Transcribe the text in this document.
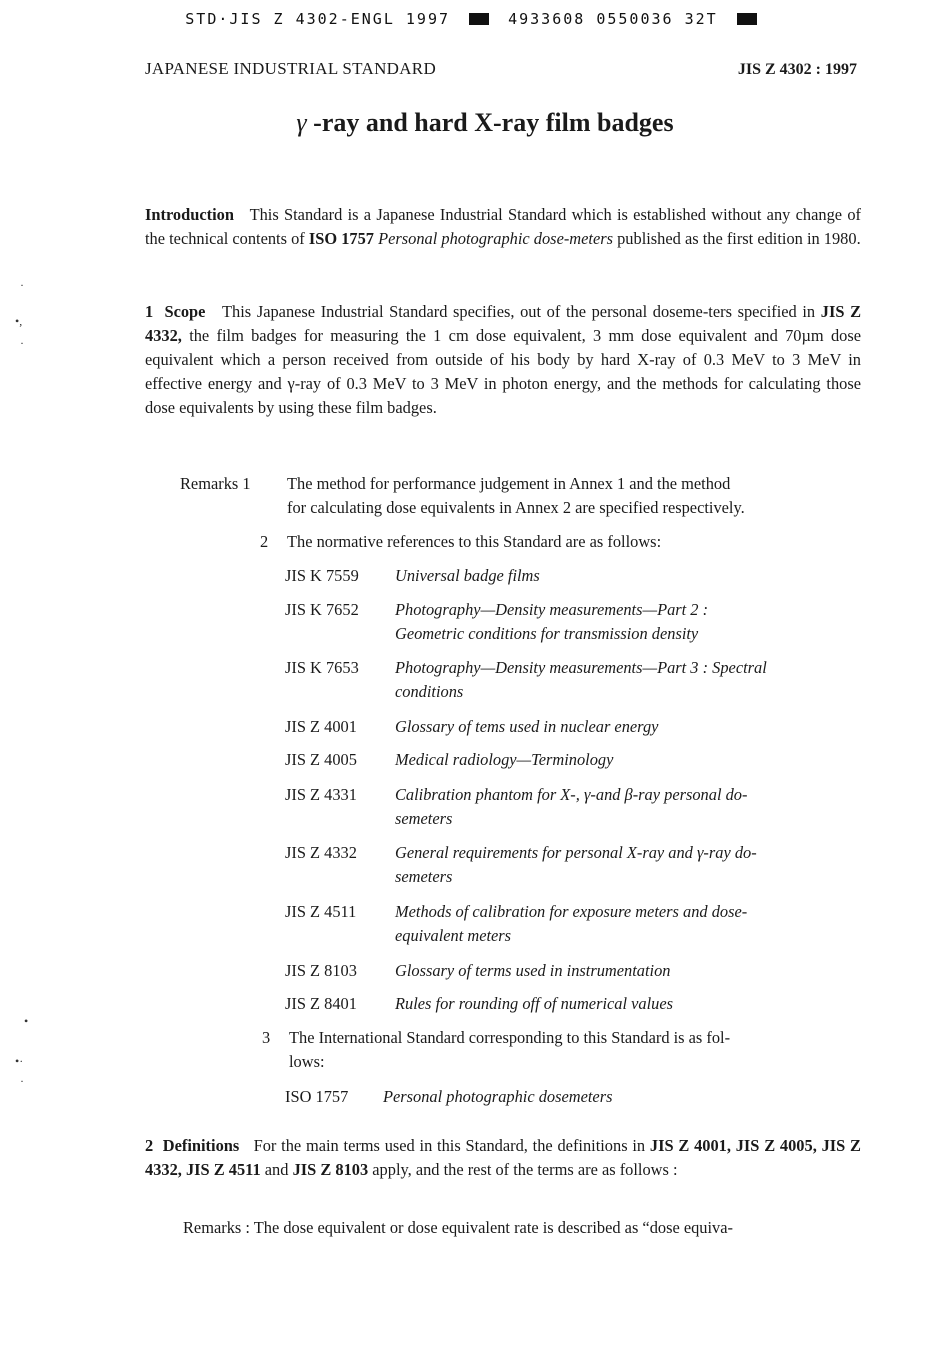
STD·JIS Z 4302-ENGL 1997	4933608 0550036 32T
JAPANESE INDUSTRIAL STANDARD	JIS Z 4302 : 1997
γ -ray and hard X-ray film badges
Introduction This Standard is a Japanese Industrial Standard which is established without any change of the technical contents of ISO 1757 Personal photographic dose-meters published as the first edition in 1980.
1 Scope This Japanese Industrial Standard specifies, out of the personal doseme-ters specified in JIS Z 4332, the film badges for measuring the 1 cm dose equivalent, 3 mm dose equivalent and 70µm dose equivalent which a person received from outside of his body by hard X-ray of 0.3 MeV to 3 MeV in effective energy and γ-ray of 0.3 MeV to 3 MeV in photon energy, and the methods for calculating those dose equivalents by using these film badges.
Remarks 1 The method for performance judgement in Annex 1 and the method
for calculating dose equivalents in Annex 2 are specified respectively.
2 The normative references to this Standard are as follows:
JIS K 7559 Universal badge films
JIS K 7652 Photography—Density measurements—Part 2 :
Geometric conditions for transmission density
JIS K 7653 Photography—Density measurements—Part 3 : Spectral
conditions
JIS Z 4001 Glossary of tems used in nuclear energy
JIS Z 4005 Medical radiology—Terminology
JIS Z 4331 Calibration phantom for X-, γ-and β-ray personal do-
semeters
JIS Z 4332 General requirements for personal X-ray and γ-ray do-
semeters
JIS Z 4511 Methods of calibration for exposure meters and dose-
equivalent meters
JIS Z 8103 Glossary of terms used in instrumentation
JIS Z 8401 Rules for rounding off of numerical values
3 The International Standard corresponding to this Standard is as fol-
lows:
ISO 1757 Personal photographic dosemeters
2 Definitions For the main terms used in this Standard, the definitions in JIS Z 4001, JIS Z 4005, JIS Z 4332, JIS Z 4511 and JIS Z 8103 apply, and the rest of the terms are as follows :
Remarks : The dose equivalent or dose equivalent rate is described as “dose equiva-
·
•,
·
•
•·
·
